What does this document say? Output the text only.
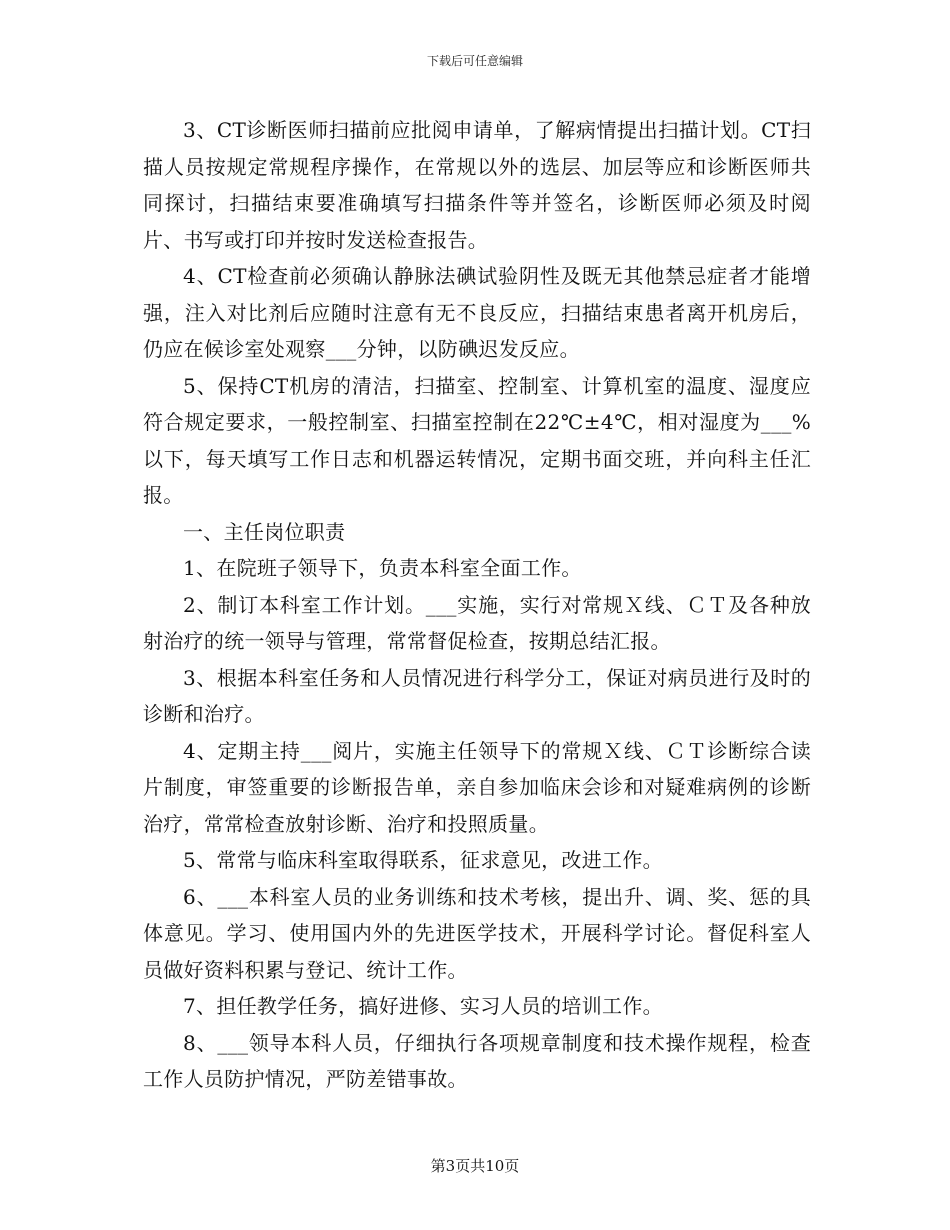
下载后可任意编辑

3、CT诊断医师扫描前应批阅申请单，了解病情提出扫描计划。CT扫描人员按规定常规程序操作，在常规以外的选层、加层等应和诊断医师共同探讨，扫描结束要准确填写扫描条件等并签名，诊断医师必须及时阅片、书写或打印并按时发送检查报告。

4、CT检查前必须确认静脉法碘试验阴性及既无其他禁忌症者才能增强，注入对比剂后应随时注意有无不良反应，扫描结束患者离开机房后，仍应在候诊室处观察___分钟，以防碘迟发反应。

5、保持CT机房的清洁，扫描室、控制室、计算机室的温度、湿度应符合规定要求，一般控制室、扫描室控制在22℃±4℃，相对湿度为___%以下，每天填写工作日志和机器运转情况，定期书面交班，并向科主任汇报。

一、主任岗位职责

1、在院班子领导下，负责本科室全面工作。

2、制订本科室工作计划。___实施，实行对常规Ｘ线、ＣＴ及各种放射治疗的统一领导与管理，常常督促检查，按期总结汇报。

3、根据本科室任务和人员情况进行科学分工，保证对病员进行及时的诊断和治疗。

4、定期主持___阅片，实施主任领导下的常规Ｘ线、ＣＴ诊断综合读片制度，审签重要的诊断报告单，亲自参加临床会诊和对疑难病例的诊断治疗，常常检查放射诊断、治疗和投照质量。

5、常常与临床科室取得联系，征求意见，改进工作。

6、___本科室人员的业务训练和技术考核，提出升、调、奖、惩的具体意见。学习、使用国内外的先进医学技术，开展科学讨论。督促科室人员做好资料积累与登记、统计工作。

7、担任教学任务，搞好进修、实习人员的培训工作。

8、___领导本科人员，仔细执行各项规章制度和技术操作规程，检查工作人员防护情况，严防差错事故。

第3页共10页
